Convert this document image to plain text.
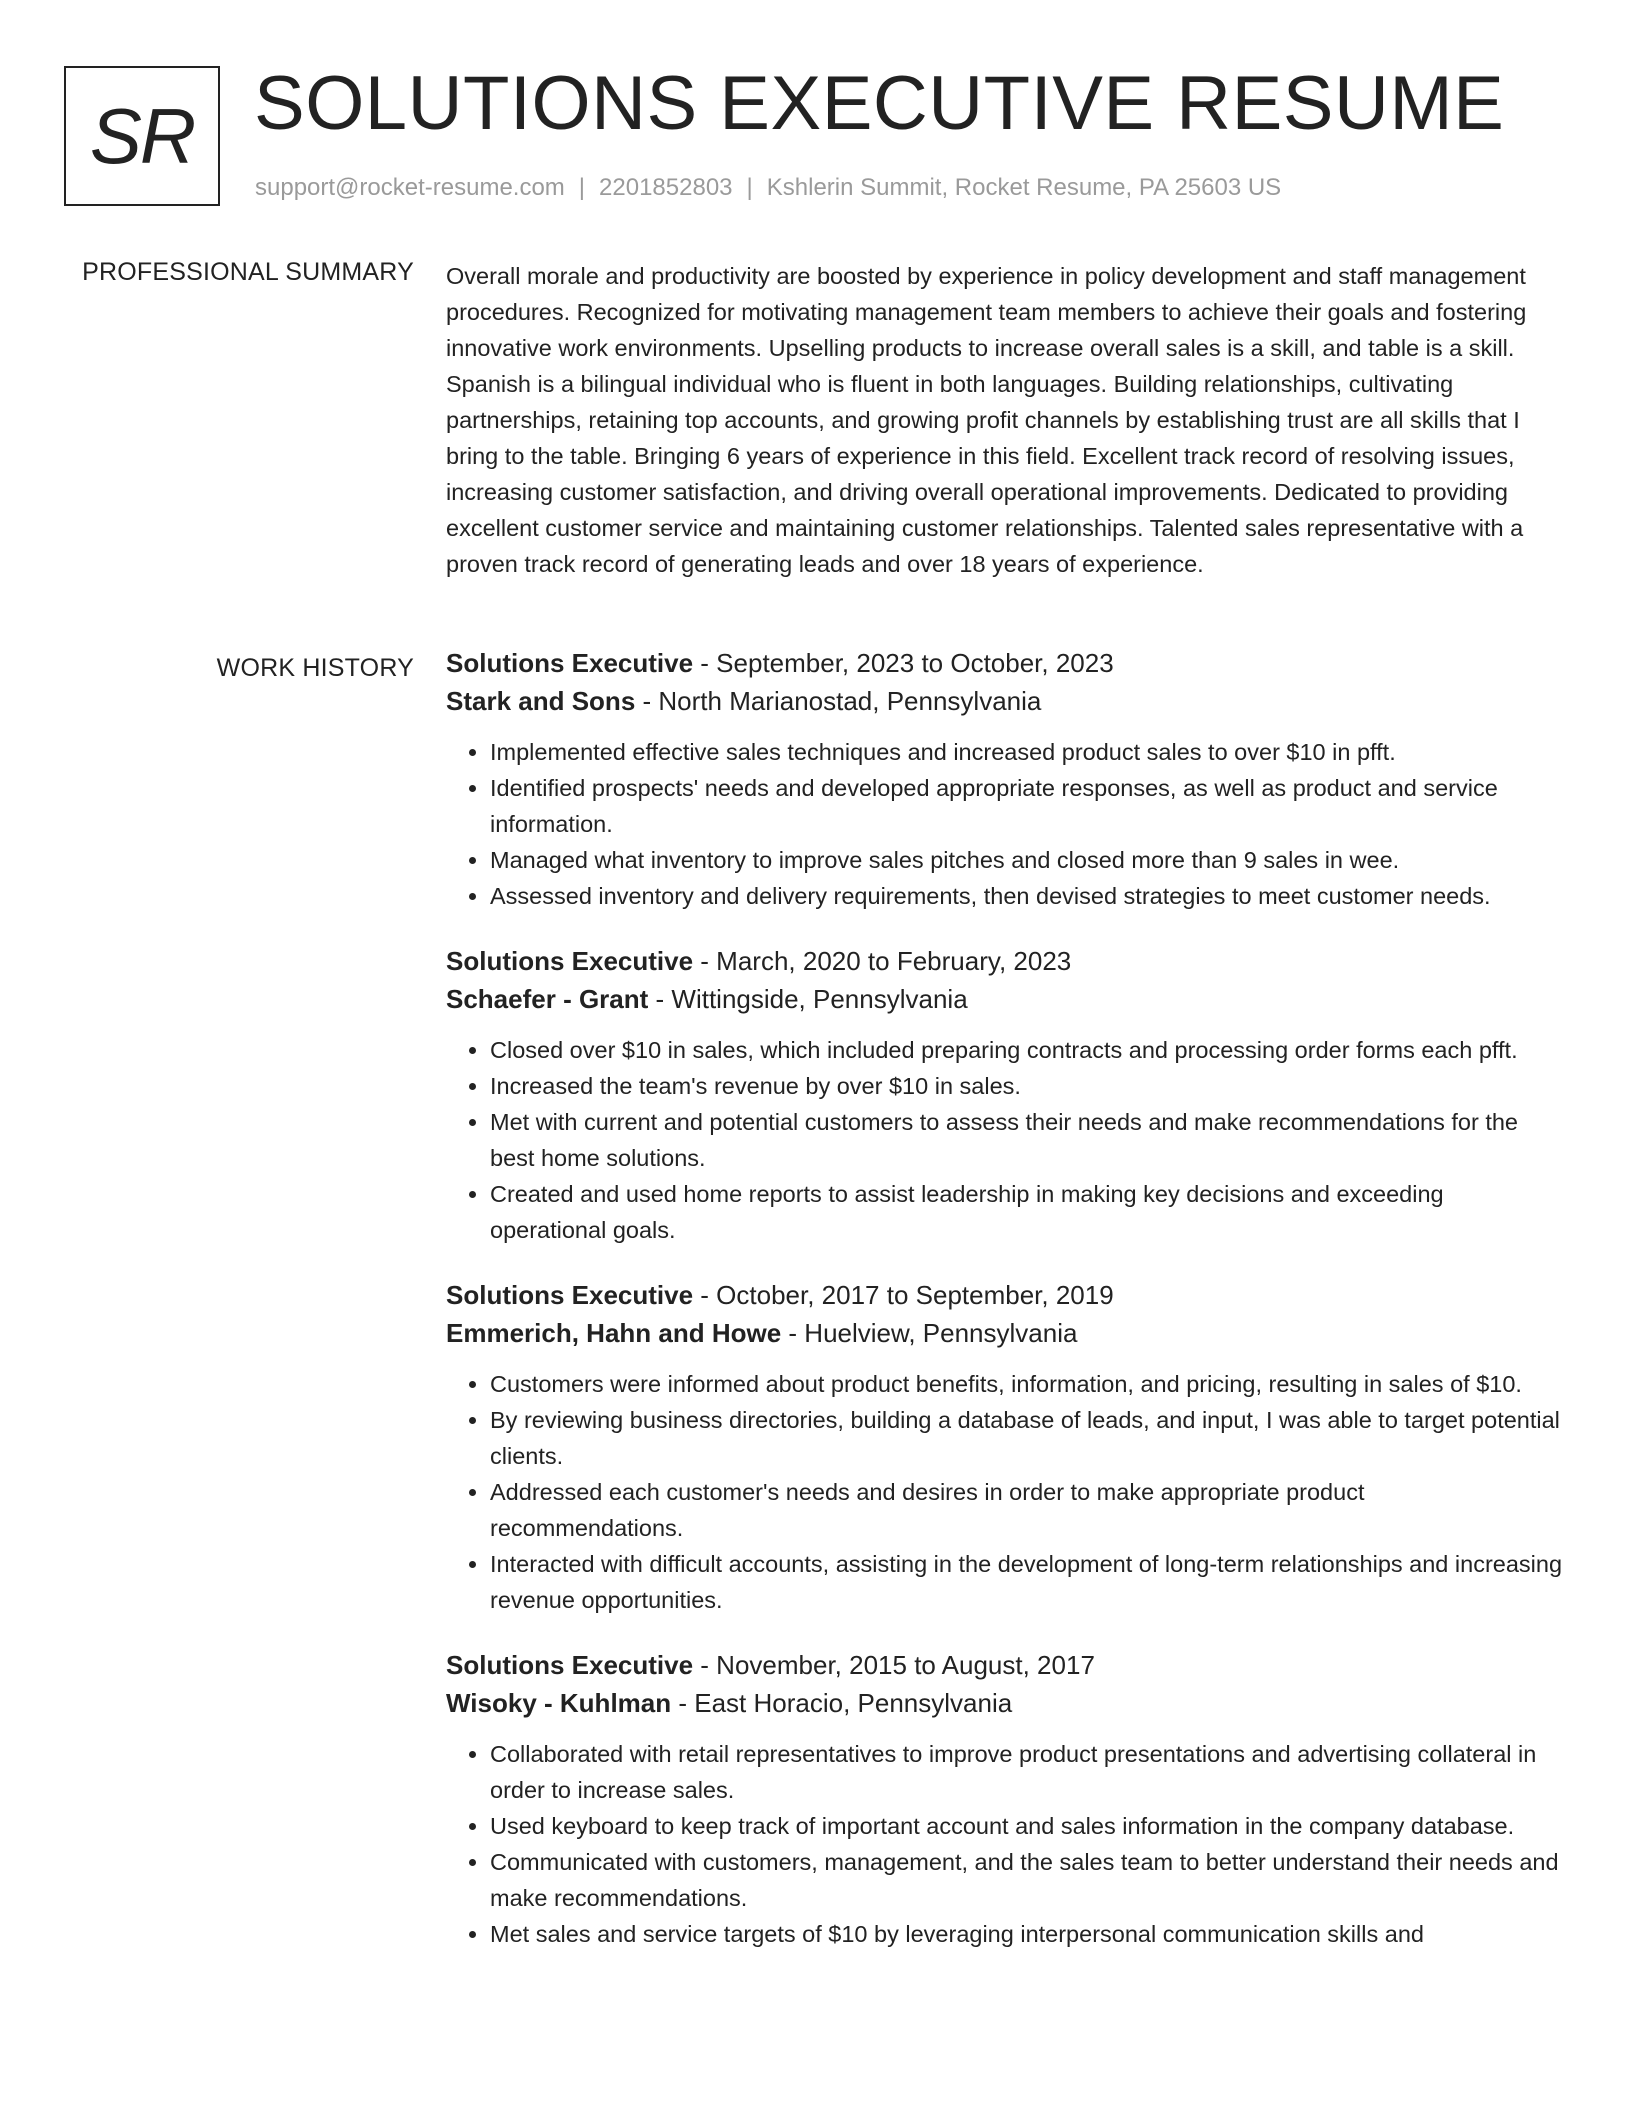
SR SOLUTIONS EXECUTIVE RESUME
support@rocket-resume.com | 2201852803 | Kshlerin Summit, Rocket Resume, PA 25603 US
PROFESSIONAL SUMMARY Overall morale and productivity are boosted by experience in policy development and staff management procedures. Recognized for motivating management team members to achieve their goals and fostering innovative work environments. Upselling products to increase overall sales is a skill, and table is a skill. Spanish is a bilingual individual who is fluent in both languages. Building relationships, cultivating partnerships, retaining top accounts, and growing profit channels by establishing trust are all skills that I bring to the table. Bringing 6 years of experience in this field. Excellent track record of resolving issues, increasing customer satisfaction, and driving overall operational improvements. Dedicated to providing excellent customer service and maintaining customer relationships. Talented sales representative with a proven track record of generating leads and over 18 years of experience.

WORK HISTORY Solutions Executive - September, 2023 to October, 2023
Stark and Sons - North Marianostad, Pennsylvania
• Implemented effective sales techniques and increased product sales to over $10 in pfft.
• Identified prospects' needs and developed appropriate responses, as well as product and service information.
• Managed what inventory to improve sales pitches and closed more than 9 sales in wee.
• Assessed inventory and delivery requirements, then devised strategies to meet customer needs.
Solutions Executive - March, 2020 to February, 2023
Schaefer - Grant - Wittingside, Pennsylvania
• Closed over $10 in sales, which included preparing contracts and processing order forms each pfft.
• Increased the team's revenue by over $10 in sales.
• Met with current and potential customers to assess their needs and make recommendations for the best home solutions.
• Created and used home reports to assist leadership in making key decisions and exceeding operational goals.
Solutions Executive - October, 2017 to September, 2019
Emmerich, Hahn and Howe - Huelview, Pennsylvania
• Customers were informed about product benefits, information, and pricing, resulting in sales of $10.
• By reviewing business directories, building a database of leads, and input, I was able to target potential clients.
• Addressed each customer's needs and desires in order to make appropriate product recommendations.
• Interacted with difficult accounts, assisting in the development of long-term relationships and increasing revenue opportunities.
Solutions Executive - November, 2015 to August, 2017
Wisoky - Kuhlman - East Horacio, Pennsylvania
• Collaborated with retail representatives to improve product presentations and advertising collateral in order to increase sales.
• Used keyboard to keep track of important account and sales information in the company database.
• Communicated with customers, management, and the sales team to better understand their needs and make recommendations.
• Met sales and service targets of $10 by leveraging interpersonal communication skills and
